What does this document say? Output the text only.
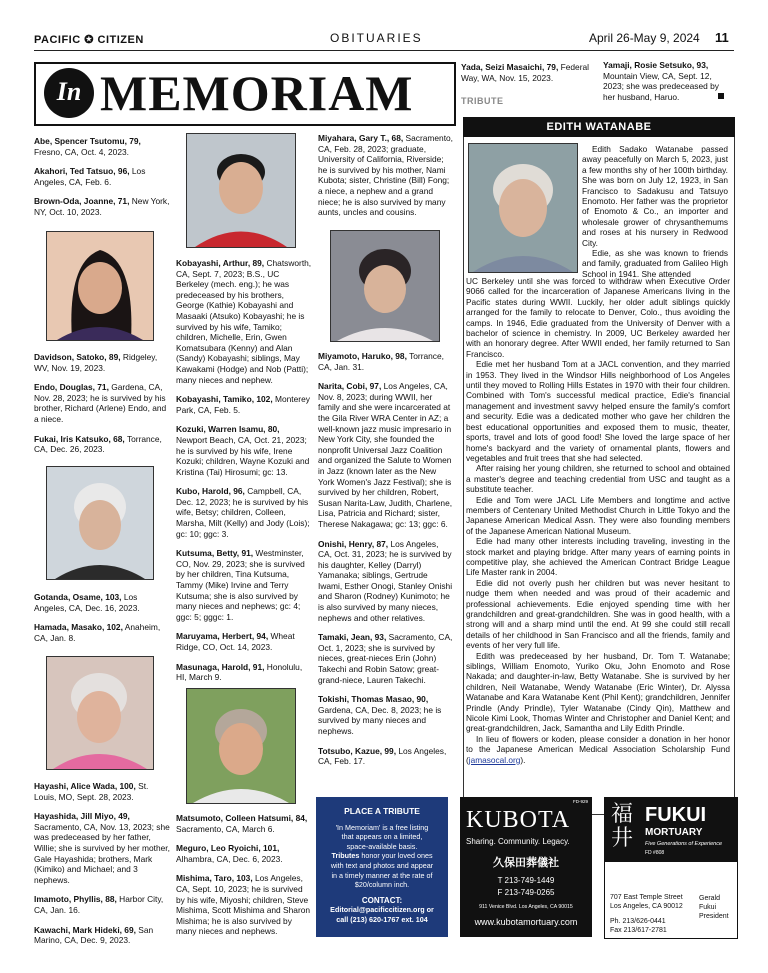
PACIFIC ✪ CITIZEN	OBITUARIES	April 26-May 9, 2024 11
In MEMORIAM
Abe, Spencer Tsutomu, 79, Fresno, CA, Oct. 4, 2023.
Akahori, Ted Tatsuo, 96, Los Angeles, CA, Feb. 6.
Brown-Oda, Joanne, 71, New York, NY, Oct. 10, 2023.
Davidson, Satoko, 89, Ridgeley, WV, Nov. 19, 2023.
Endo, Douglas, 71, Gardena, CA, Nov. 28, 2023; he is survived by his brother, Richard (Arlene) Endo, and a niece.
Fukai, Iris Katsuko, 68, Torrance, CA, Dec. 26, 2023.
Gotanda, Osame, 103, Los Angeles, CA, Dec. 16, 2023.
Hamada, Masako, 102, Anaheim, CA, Jan. 8.
Hayashi, Alice Wada, 100, St. Louis, MO, Sept. 28, 2023.
Hayashida, Jill Miyo, 49, Sacramento, CA, Nov. 13, 2023; she was predeceased by her father, Willie; she is survived by her mother, Gale Hayashida; brothers, Mark (Kimiko) and Michael; and 3 nephews.
Imamoto, Phyllis, 88, Harbor City, CA, Jan. 16.
Kawachi, Mark Hideki, 69, San Marino, CA, Dec. 9, 2023.
Kobayashi, Arthur, 89, Chatsworth, CA, Sept. 7, 2023; B.S., UC Berkeley (mech. eng.); he was predeceased by his brothers, George (Kathie) Kobayashi and Masaaki (Atsuko) Kobayashi; he is survived by his wife, Tamiko; children, Michelle, Erin, Gwen Komatsubara (Kenny) and Alan (Sandy) Kobayashi; siblings, May Kawakami (Hodge) and Nob (Patti); many nieces and nephew.
Kobayashi, Tamiko, 102, Monterey Park, CA, Feb. 5.
Kozuki, Warren Isamu, 80, Newport Beach, CA, Oct. 21, 2023; he is survived by his wife, Irene Kozuki; children, Wayne Kozuki and Kristina (Tai) Hirosumi; gc: 13.
Kubo, Harold, 96, Campbell, CA, Dec. 12, 2023; he is survived by his wife, Betsy; children, Colleen, Marsha, Milt (Kelly) and Jody (Lois); gc: 10; ggc: 3.
Kutsuma, Betty, 91, Westminster, CO, Nov. 29, 2023; she is survived by her children, Tina Kutsuma, Tammy (Mike) Irvine and Terry Kutsuma; she is also survived by many nieces and nephews; gc: 4; ggc: 5; gggc: 1.
Maruyama, Herbert, 94, Wheat Ridge, CO, Oct. 14, 2023.
Masunaga, Harold, 91, Honolulu, HI, March 9.
Matsumoto, Colleen Hatsumi, 84, Sacramento, CA, March 6.
Meguro, Leo Ryoichi, 101, Alhambra, CA, Dec. 6, 2023.
Mishima, Taro, 103, Los Angeles, CA, Sept. 10, 2023; he is survived by his wife, Miyoshi; children, Steve Mishima, Scott Mishima and Sharon Mishima; he is also survived by many nieces and nephews.
Miyahara, Gary T., 68, Sacramento, CA, Feb. 28, 2023; graduate, University of California, Riverside; he is survived by his mother, Nami Kubota; sister, Christine (Bill) Fong; a niece, a nephew and a grand niece; he is also survived by many aunts, uncles and cousins.
Miyamoto, Haruko, 98, Torrance, CA, Jan. 31.
Narita, Cobi, 97, Los Angeles, CA, Nov. 8, 2023; during WWII, her family and she were incarcerated at the Gila River WRA Center in AZ; a well-known jazz music impresario in New York City, she founded the nonprofit Universal Jazz Coalition and organized the Salute to Women in Jazz (known later as the New York Women's Jazz Festival); she is survived by her children, Robert, Susan Narita-Law, Judith, Charlene, Lisa, Patricia and Richard; sister, Therese Nakagawa; gc: 13; ggc: 6.
Onishi, Henry, 87, Los Angeles, CA, Oct. 31, 2023; he is survived by his daughter, Kelley (Darryl) Yamanaka; siblings, Gertrude Iwami, Esther Onogi, Stanley Onishi and Sharon (Rodney) Kunimoto; he is also survived by many nieces, nephews and other relatives.
Tamaki, Jean, 93, Sacramento, CA, Oct. 1, 2023; she is survived by nieces, great-nieces Erin (John) Takechi and Robin Satow; great-grand-niece, Lauren Takechi.
Tokishi, Thomas Masao, 90, Gardena, CA, Dec. 8, 2023; he is survived by many nieces and nephews.
Totsubo, Kazue, 99, Los Angeles, CA, Feb. 17.
Yada, Seizi Masaichi, 79, Federal Way, WA, Nov. 15, 2023.
Yamaji, Rosie Setsuko, 93, Mountain View, CA, Sept. 12, 2023; she was predeceased by her husband, Haruo.
TRIBUTE
EDITH WATANABE

Edith Sadako Watanabe passed away peacefully on March 5, 2023, just a few months shy of her 100th birthday. She was born on July 12, 1923, in San Francisco to Sadakusu and Tatsuyo Enomoto. Her father was the proprietor of Enomoto & Co., an importer and wholesale grower of chrysanthemums and roses at his nursery in Redwood City.

Edie, as she was known to friends and family, graduated from Galileo High School in 1941. She attended

UC Berkeley until she was forced to withdraw when Executive Order 9066 called for the incarceration of Japanese Americans living in the Pacific states during WWII. Luckily, her older adult siblings quickly arranged for the family to relocate to Denver, Colo., thus avoiding the camps. In 1946, Edie graduated from the University of Denver with a bachelor of science in chemistry. In 2009, UC Berkeley awarded her with an honorary degree. After WWII ended, her family returned to San Francisco.

Edie met her husband Tom at a JACL convention, and they married in 1953. They lived in the Windsor Hills neighborhood of Los Angeles until they moved to Rolling Hills Estates in 1970 with their four children. Combined with Tom's successful medical practice, Edie's financial management and investment savvy helped ensure the family's comfort and security. Edie was a dedicated mother who gave her children the best educational opportunities and exposed them to music, theater, sports, travel and lots of good food! She loved the large space of her home's backyard and the variety of ornamental plants, flowers and vegetables and fruit trees that she had selected.

After raising her young children, she returned to school and obtained a master's degree and teaching credential from USC and taught as a substitute teacher.

Edie and Tom were JACL Life Members and longtime and active members of Centenary United Methodist Church in Little Tokyo and the Japanese American Medical Assn. They were also founding members of the Japanese American National Museum.

Edie had many other interests including traveling, investing in the stock market and playing bridge. After many years of earning points in competitive play, she achieved the American Contract Bridge League Life Master rank in 2004.

Edie did not overly push her children but was never hesitant to nudge them when needed and was proud of their academic and professional achievements. Edie enjoyed spending time with her grandchildren and great-grandchildren. She was in good health, with a strong will and a sharp mind until the end. At 99 she could still recall details of her childhood in San Francisco and all the friends, family and events of her very full life.

Edith was predeceased by her husband, Dr. Tom T. Watanabe; siblings, William Enomoto, Yuriko Oku, John Enomoto and Rose Nakada; and daughter-in-law, Betty Watanabe. She is survived by her children, Neil Watanabe, Wendy Watanabe (Eric Winter), Dr. Alyssa Watanabe and Kara Watanabe Kent (Phil Kent); grandchildren, Jennifer Prindle (Andy Prindle), Tyler Watanabe (Cindy Qin), Matthew and Nicole Kimi Look, Thomas Winter and Christopher and Daniel Kent; and great-grandchildren, Jack, Samantha and Lily Edith Prindle.

In lieu of flowers or koden, please consider a donation in her honor to the Japanese American Medical Association Scholarship Fund (jamasocal.org).

PLACE A TRIBUTE
'In Memoriam' is a free listing that appears on a limited, space-available basis.
Tributes honor your loved ones with text and photos and appear in a timely manner at the rate of $20/column inch.
CONTACT:
Editorial@pacificcitizen.org or call (213) 620-1767 ext. 104
FD-929
KUBOTA
Sharing. Community. Legacy.
久保田葬儀社
T 213-749-1449
F 213-749-0265
911 Venice Blvd. Los Angeles, CA 90015
www.kubotamortuary.com
福井
FUKUI
MORTUARY
Five Generations of Experience
FD #808
707 East Temple Street
Los Angeles, CA 90012
Ph. 213/626-0441
Fax 213/617-2781
Gerald Fukui
President
